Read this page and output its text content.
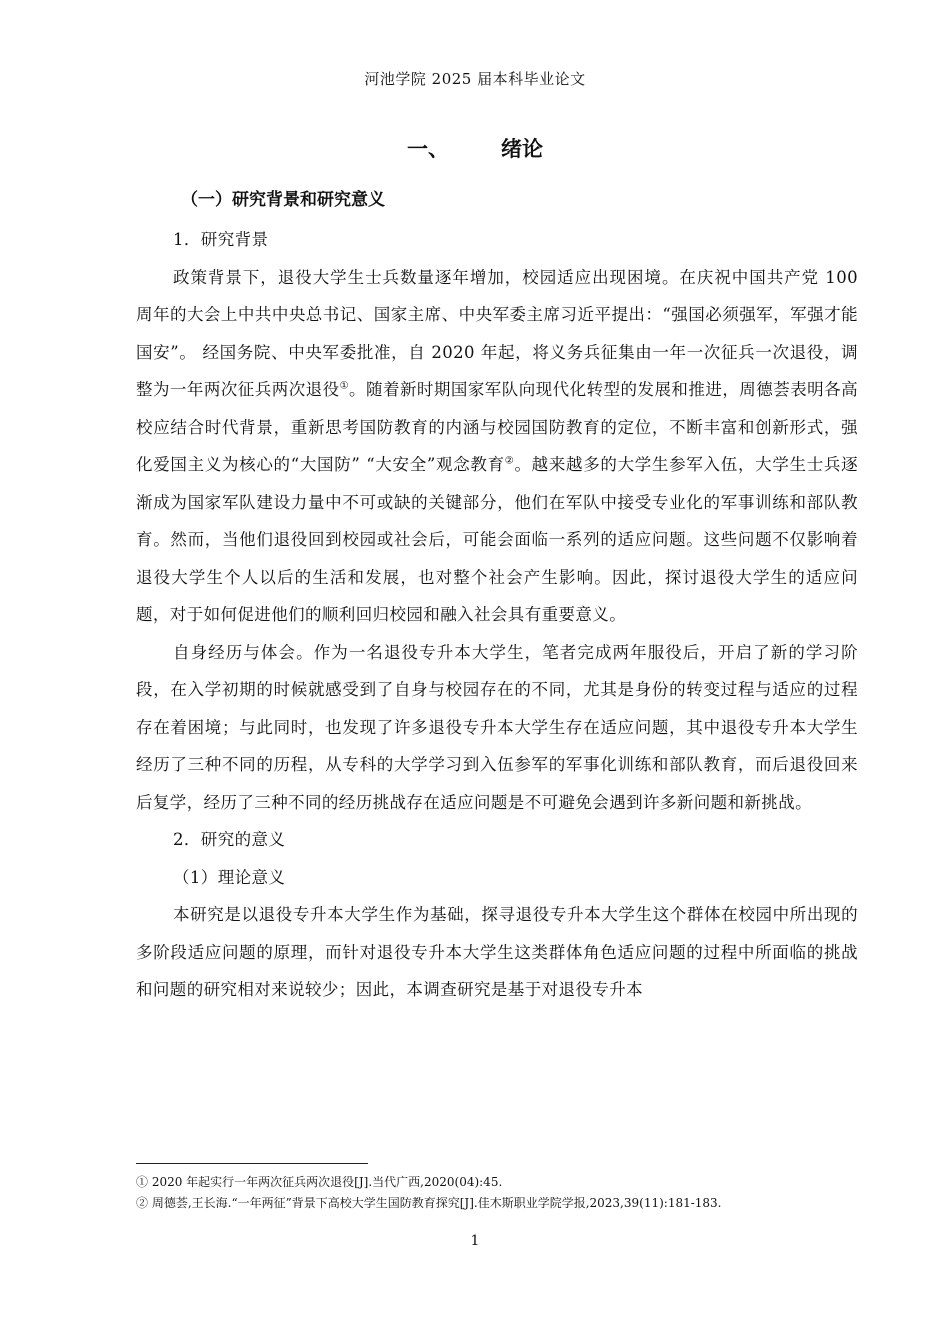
河池学院 2025 届本科毕业论文
一、 绪论
（一）研究背景和研究意义

1．研究背景

政策背景下，退役大学生士兵数量逐年增加，校园适应出现困境。在庆祝中国共产党 100 周年的大会上中共中央总书记、国家主席、中央军委主席习近平提出：“强国必须强军，军强才能国安”。 经国务院、中央军委批准，自 2020 年起，将义务兵征集由一年一次征兵一次退役，调整为一年两次征兵两次退役①。随着新时期国家军队向现代化转型的发展和推进，周德荟表明各高校应结合时代背景，重新思考国防教育的内涵与校园国防教育的定位，不断丰富和创新形式，强化爱国主义为核心的“大国防” “大安全”观念教育②。越来越多的大学生参军入伍，大学生士兵逐渐成为国家军队建设力量中不可或缺的关键部分，他们在军队中接受专业化的军事训练和部队教育。然而，当他们退役回到校园或社会后，可能会面临一系列的适应问题。这些问题不仅影响着退役大学生个人以后的生活和发展，也对整个社会产生影响。因此，探讨退役大学生的适应问题，对于如何促进他们的顺利回归校园和融入社会具有重要意义。

自身经历与体会。作为一名退役专升本大学生，笔者完成两年服役后，开启了新的学习阶段，在入学初期的时候就感受到了自身与校园存在的不同，尤其是身份的转变过程与适应的过程存在着困境；与此同时，也发现了许多退役专升本大学生存在适应问题，其中退役专升本大学生经历了三种不同的历程，从专科的大学学习到入伍参军的军事化训练和部队教育，而后退役回来后复学，经历了三种不同的经历挑战存在适应问题是不可避免会遇到许多新问题和新挑战。

2．研究的意义

（1）理论意义

本研究是以退役专升本大学生作为基础，探寻退役专升本大学生这个群体在校园中所出现的多阶段适应问题的原理，而针对退役专升本大学生这类群体角色适应问题的过程中所面临的挑战和问题的研究相对来说较少；因此，本调查研究是基于对退役专升本

① 2020 年起实行一年两次征兵两次退役[J].当代广西,2020(04):45.
② 周德荟,王长海.“一年两征”背景下高校大学生国防教育探究[J].佳木斯职业学院学报,2023,39(11):181-183.
1
